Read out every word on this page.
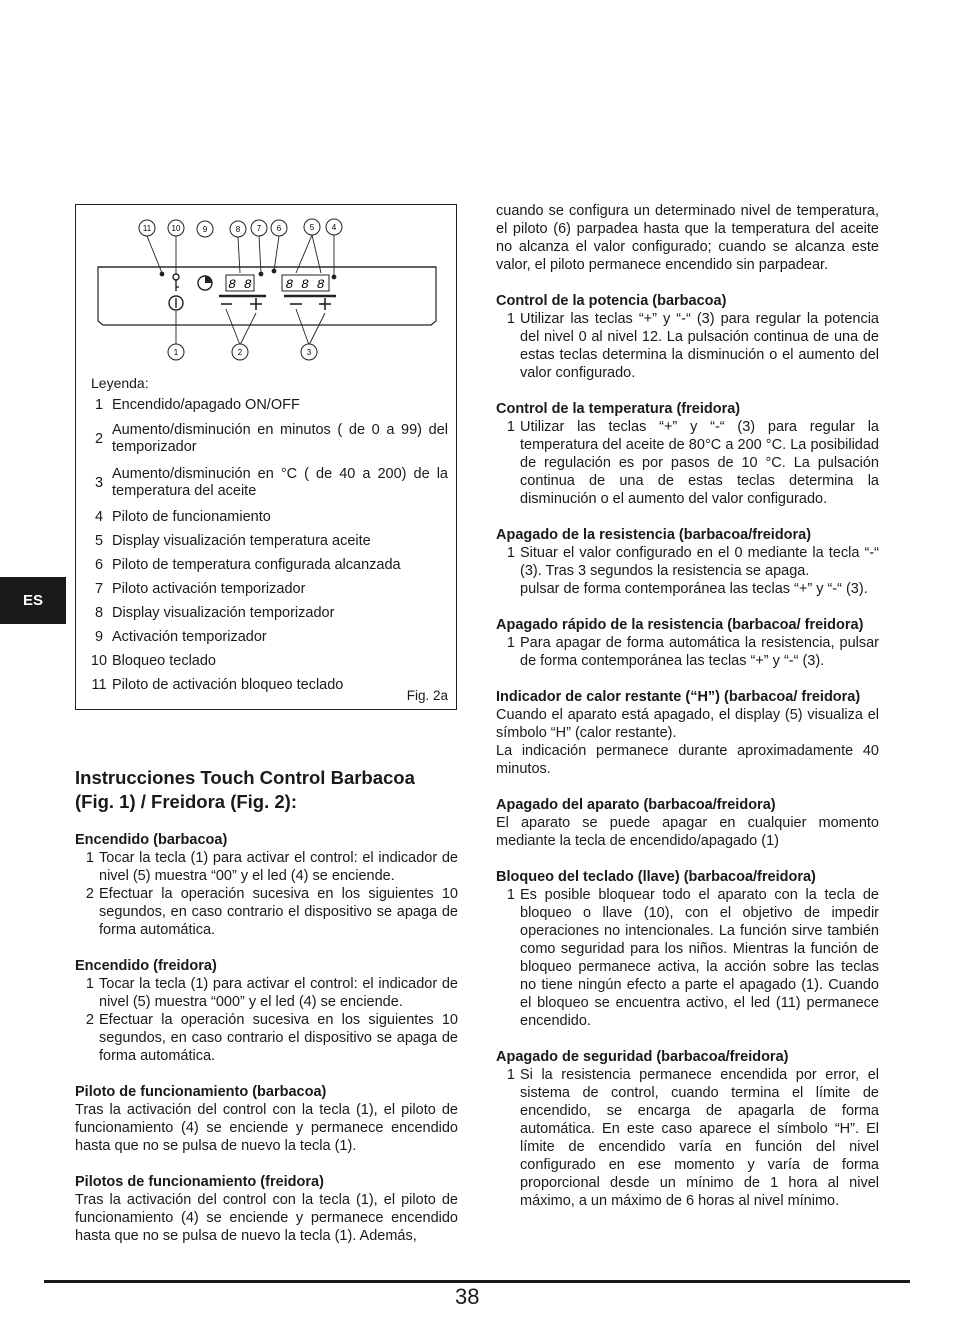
11	10	9	8 7 6	5 4
8 8	8 8 8
1	2	3
Leyenda:
1 Encendido/apagado ON/OFF
2
Aumento/disminución en minutos ( de 0 a 99) del temporizador
3
Aumento/disminución en °C ( de 40 a 200) de la temperatura del aceite
4 Piloto de funcionamiento
5 Display visualización temperatura aceite
6 Piloto de temperatura configurada alcanzada
7 Piloto activación temporizador
8 Display visualización temporizador
9 Activación temporizador
10 Bloqueo teclado
11 Piloto de activación bloqueo teclado
Fig. 2a
ES
Instrucciones Touch Control Barbacoa (Fig. 1) / Freidora (Fig. 2):
Encendido (barbacoa)
1 Tocar la tecla (1) para activar el control: el indicador de nivel (5) muestra “00” y el led (4) se enciende.
2 Efectuar la operación sucesiva en los siguientes 10 segundos, en caso contrario el dispositivo se apaga de forma automática.
Encendido (freidora)
1 Tocar la tecla (1) para activar el control: el indicador de nivel (5) muestra “000” y el led (4) se enciende.
2 Efectuar la operación sucesiva en los siguientes 10 segundos, en caso contrario el dispositivo se apaga de forma automática.
Piloto de funcionamiento (barbacoa)

Tras la activación del control con la tecla (1), el piloto de funcionamiento (4) se enciende y permanece encendido hasta que no se pulsa de nuevo la tecla (1).

Pilotos de funcionamiento (freidora)

Tras la activación del control con la tecla (1), el piloto de funcionamiento (4) se enciende y permanece encendido hasta que no se pulsa de nuevo la tecla (1). Además,

cuando se configura un determinado nivel de temperatura, el piloto (6) parpadea hasta que la temperatura del aceite no alcanza el valor configurado; cuando se alcanza este valor, el piloto permanece encendido sin parpadear.

Control de la potencia (barbacoa)
1 Utilizar las teclas “+” y “-“ (3) para regular la potencia del nivel 0 al nivel 12. La pulsación continua de una de estas teclas determina la disminución o el aumento del valor configurado.
Control de la temperatura (freidora)
1 Utilizar las teclas “+” y “-“ (3) para regular la temperatura del aceite de 80°C a 200 °C. La posibilidad de regulación es por pasos de 10 °C. La pulsación continua de una de estas teclas determina la disminución o el aumento del valor configurado.
Apagado de la resistencia (barbacoa/freidora)
1 Situar el valor configurado en el 0 mediante la tecla “-“ (3). Tras 3 segundos la resistencia se apaga.
pulsar de forma contemporánea las teclas “+” y “-“ (3).
Apagado rápido de la resistencia (barbacoa/ freidora)
1 Para apagar de forma automática la resistencia, pulsar de forma contemporánea las teclas “+” y “-“ (3).
Indicador de calor restante (“H”) (barbacoa/ freidora)

Cuando el aparato está apagado, el display (5) visualiza el símbolo “H” (calor restante).

La indicación permanece durante aproximadamente 40 minutos.

Apagado del aparato (barbacoa/freidora)

El aparato se puede apagar en cualquier momento mediante la tecla de encendido/apagado (1)

Bloqueo del teclado (llave) (barbacoa/freidora)
1 Es posible bloquear todo el aparato con la tecla de bloqueo o llave (10), con el objetivo de impedir operaciones no intencionales. La función sirve también como seguridad para los niños. Mientras la función de bloqueo permanece activa, la acción sobre las teclas no tiene ningún efecto a parte el apagado (1). Cuando el bloqueo se encuentra activo, el led (11) permanece encendido.
Apagado de seguridad (barbacoa/freidora)
1 Si la resistencia permanece encendida por error, el sistema de control, cuando termina el límite de encendido, se encarga de apagarla de forma automática. En este caso aparece el símbolo “H”. El límite de encendido varía en función del nivel configurado en ese momento y varía de forma proporcional desde un mínimo de 1 hora al nivel máximo, a un máximo de 6 horas al nivel mínimo.
38
